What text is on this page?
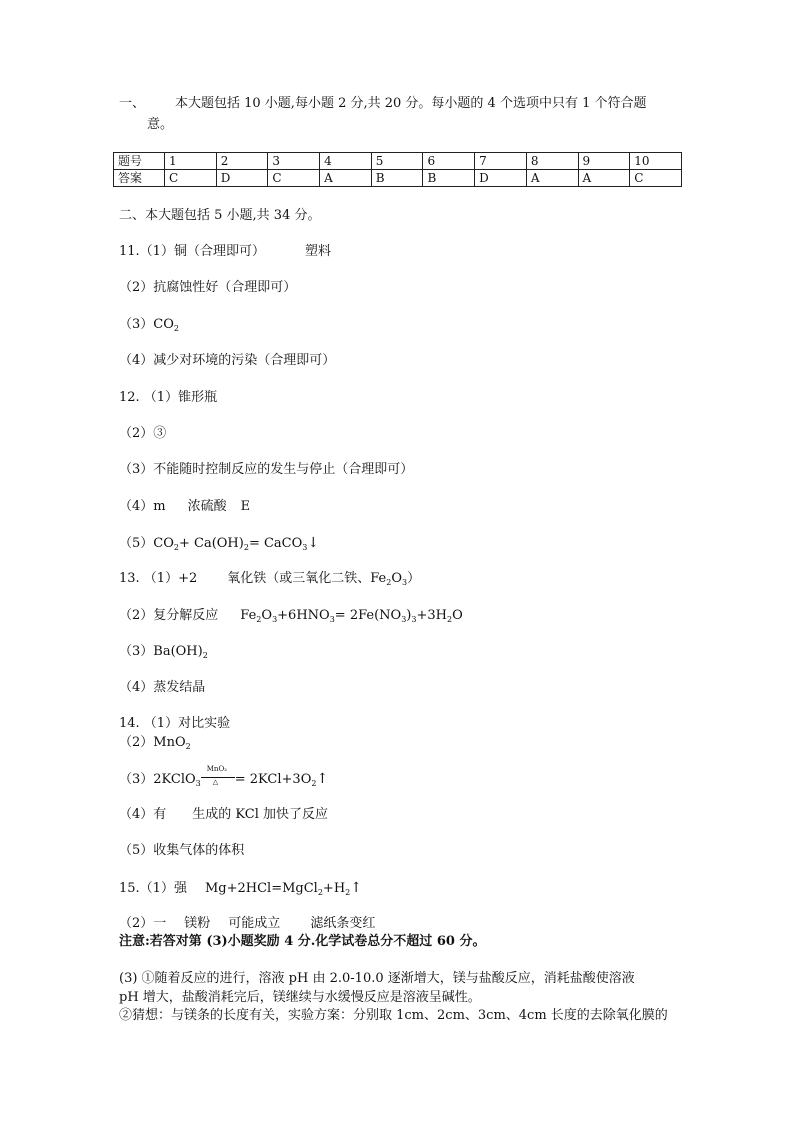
一、 本大题包括 10 小题,每小题 2 分,共 20 分。每小题的 4 个选项中只有 1 个符合题
意。
题号	1	2	3	4	5	6	7	8	9	10
答案	C	D	C	A	B	B	D	A	A	C
二、本大题包括 5 小题,共 34 分。
11.（1）铜（合理即可）	塑料
（2）抗腐蚀性好（合理即可）
$(3)CO_2$
（4）减少对环境的污染（合理即可）
12. （1）锥形瓶
（2）③
（3）不能随时控制反应的发生与停止（合理即可）
（4）m 浓硫酸 E
$(5)CO_2+ Ca(OH)_2=$ CaCO$_3$↓
13. （1）+2 氧化铁（或三氧化二铁、$Fe_2O_3$）
（2）复分解反应 $Fe_2O_3+6HNO_3= 2Fe(NO_3)_3+3H_2O$
$(3)Ba(OH)_2$
（4）蒸发结晶
14. （1）对比实验
（2）MnO$_2$
（3）2KClO$_3$
MnO₂
△ = $2KCl+3O_2↑$
（4）有 生成的 KCl 加快了反应
（5）收集气体的体积
15.（1）强 $Mg+2HCl=MgCl_2+H_2↑$
（2）一 镁粉 可能成立 滤纸条变红
注意:若答对第 (3)小题奖励 4 分.化学试卷总分不超过 60 分。
(3) ①随着反应的进行，溶液 pH 由 2.0-10.0 逐渐增大，镁与盐酸反应，消耗盐酸使溶液
pH 增大，盐酸消耗完后，镁继续与水缓慢反应是溶液呈碱性。
②猜想：与镁条的长度有关，实验方案：分别取 1cm、2cm、3cm、4cm 长度的去除氧化膜的
